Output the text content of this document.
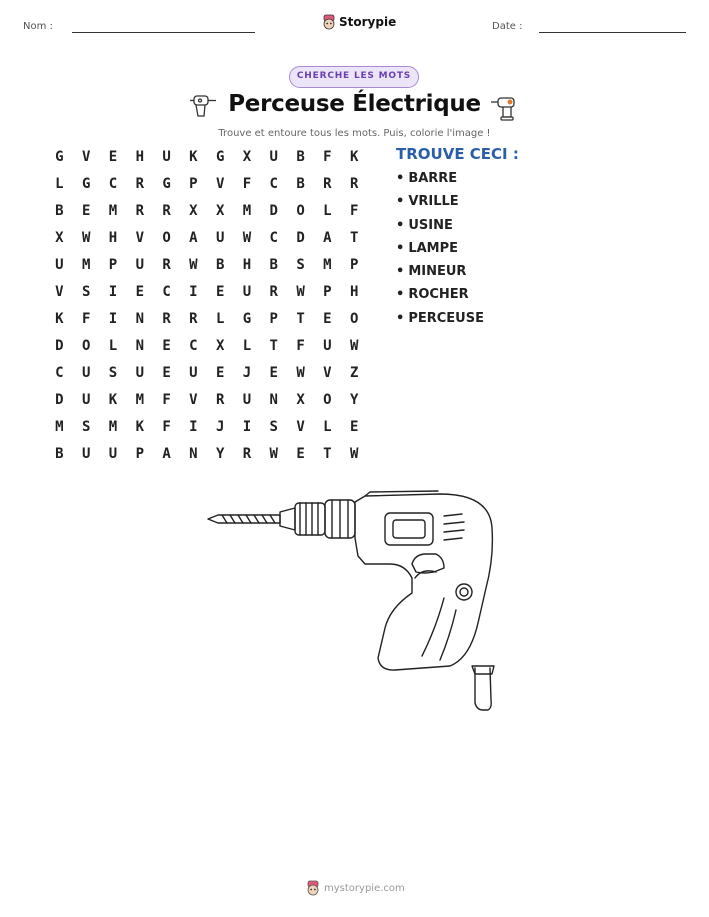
Nom :	Storypie	Date :
CHERCHE LES MOTS
Perceuse Électrique
Trouve et entoure tous les mots. Puis, colorie l'image !
G	V	E	H	U	K	G	X	U	B	F	K
L	G	C	R	G	P	V	F	C	B	R	R
B	E	M	R	R	X	X	M	D	O	L	F
X	W	H	V	O	A	U	W	C	D	A	T
U	M	P	U	R	W	B	H	B	S	M	P
V	S	I	E	C	I	E	U	R	W	P	H
K	F	I	N	R	R	L	G	P	T	E	O
D	O	L	N	E	C	X	L	T	F	U	W
C	U	S	U	E	U	E	J	E	W	V	Z
D	U	K	M	F	V	R	U	N	X	O	Y
M	S	M	K	F	I	J	I	S	V	L	E
B	U	U	P	A	N	Y	R	W	E	T	W
TROUVE CECI :
• BARRE
• VRILLE
• USINE
• LAMPE
• MINEUR
• ROCHER
• PERCEUSE
mystorypie.com
